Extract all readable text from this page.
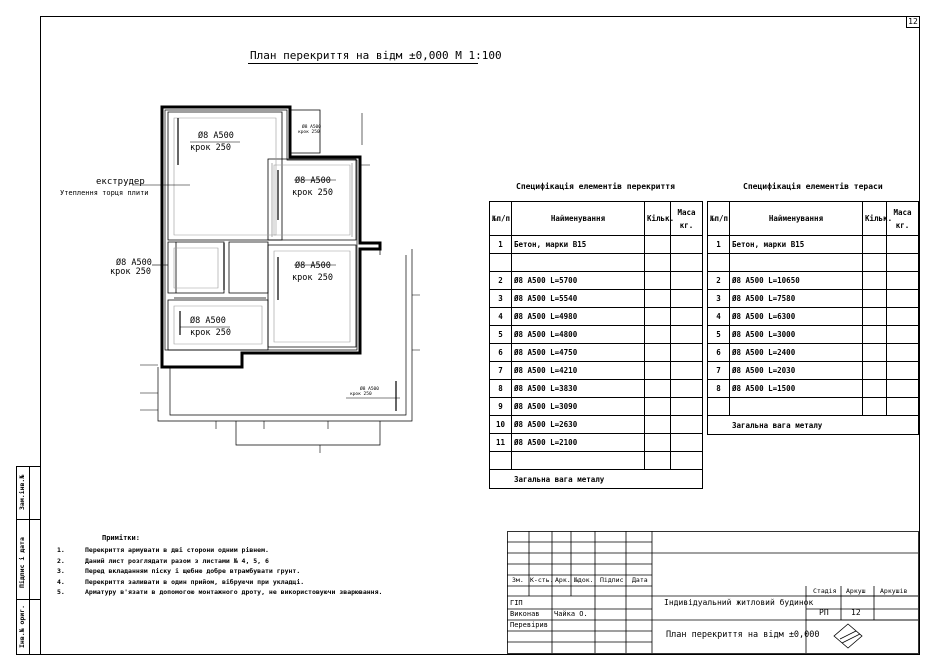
12
План перекриття на відм ±0,000 М 1:100
екструдер
Утеплення торця плити
Ø8 А500
крок 250
Ø8 А500
крок 250
Ø8 А500
крок 250
Ø8 А500
крок 250
Ø8 А500
крок 250
Ø8 А500
крок 250
Ø8 А500
крок 250
Специфікація елементів перекриття
№п/п	Найменування	Кільк.	Маса
кг.

1	Бетон, марки В15		

2	Ø8 А500 L=5700		
3	Ø8 А500 L=5540		
4	Ø8 А500 L=4980		
5	Ø8 А500 L=4800		
6	Ø8 А500 L=4750		
7	Ø8 А500 L=4210		
8	Ø8 А500 L=3830		
9	Ø8 А500 L=3090		
10	Ø8 А500 L=2630		
11	Ø8 А500 L=2100		

Загальна вага металу			
Специфікація елементів тераси
№п/п	Найменування	Кільк.	Маса
кг.

1	Бетон, марки В15		

2	Ø8 А500 L=10650		
3	Ø8 А500 L=7580		
4	Ø8 А500 L=6300		
5	Ø8 А500 L=3000		
6	Ø8 А500 L=2400		
7	Ø8 А500 L=2030		
8	Ø8 А500 L=1500		

Загальна вага металу			
Примітки:
1.	Перекриття армувати в дві сторони одним рівнем.
2.	Даний лист розглядати разом з листами № 4, 5, 6
3.	Перед вкладанням піску і щебню добре втрамбувати грунт.
4.	Перекриття заливати в один прийом, вібруючи при укладці.
5.	Арматуру в'язати в допомогою монтажного дроту, не використовуючи зварювання.
Зам.інв.№
Підпис і дата
Інв.№ ориг.
Зм. К-сть. Арк. №док. Підпис Дата
ГІП
Виконав Чайка О.
Перевірив
Індивідуальний житловий будинок
План перекриття на відм ±0,000
Стадія Аркуш Аркушів
РП	12
